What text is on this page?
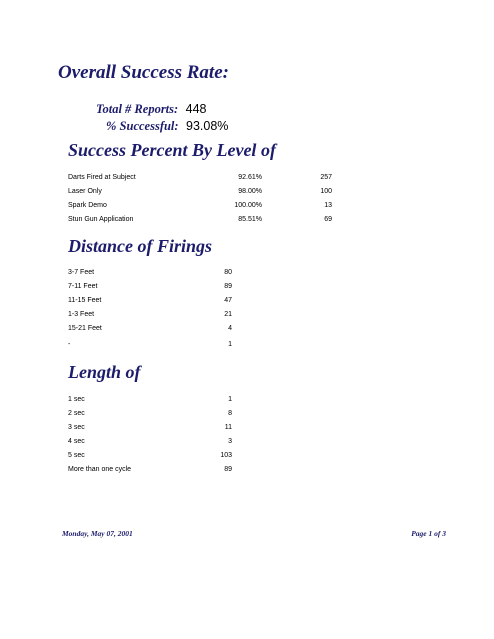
Overall Success Rate:
Total # Reports: 448
% Successful: 93.08%
Success Percent By Level of
Darts Fired at Subject	92.61%	257
Laser Only	98.00%	100
Spark Demo	100.00%	13
Stun Gun Application	85.51%	69
Distance of Firings
3-7 Feet	80
7-11 Feet	89
11-15 Feet	47
1-3 Feet	21
15-21 Feet	4
-	1
Length of
1 sec	1
2 sec	8
3 sec	11
4 sec	3
5 sec	103
More than one cycle	89
Monday, May 07, 2001	Page 1 of 3
